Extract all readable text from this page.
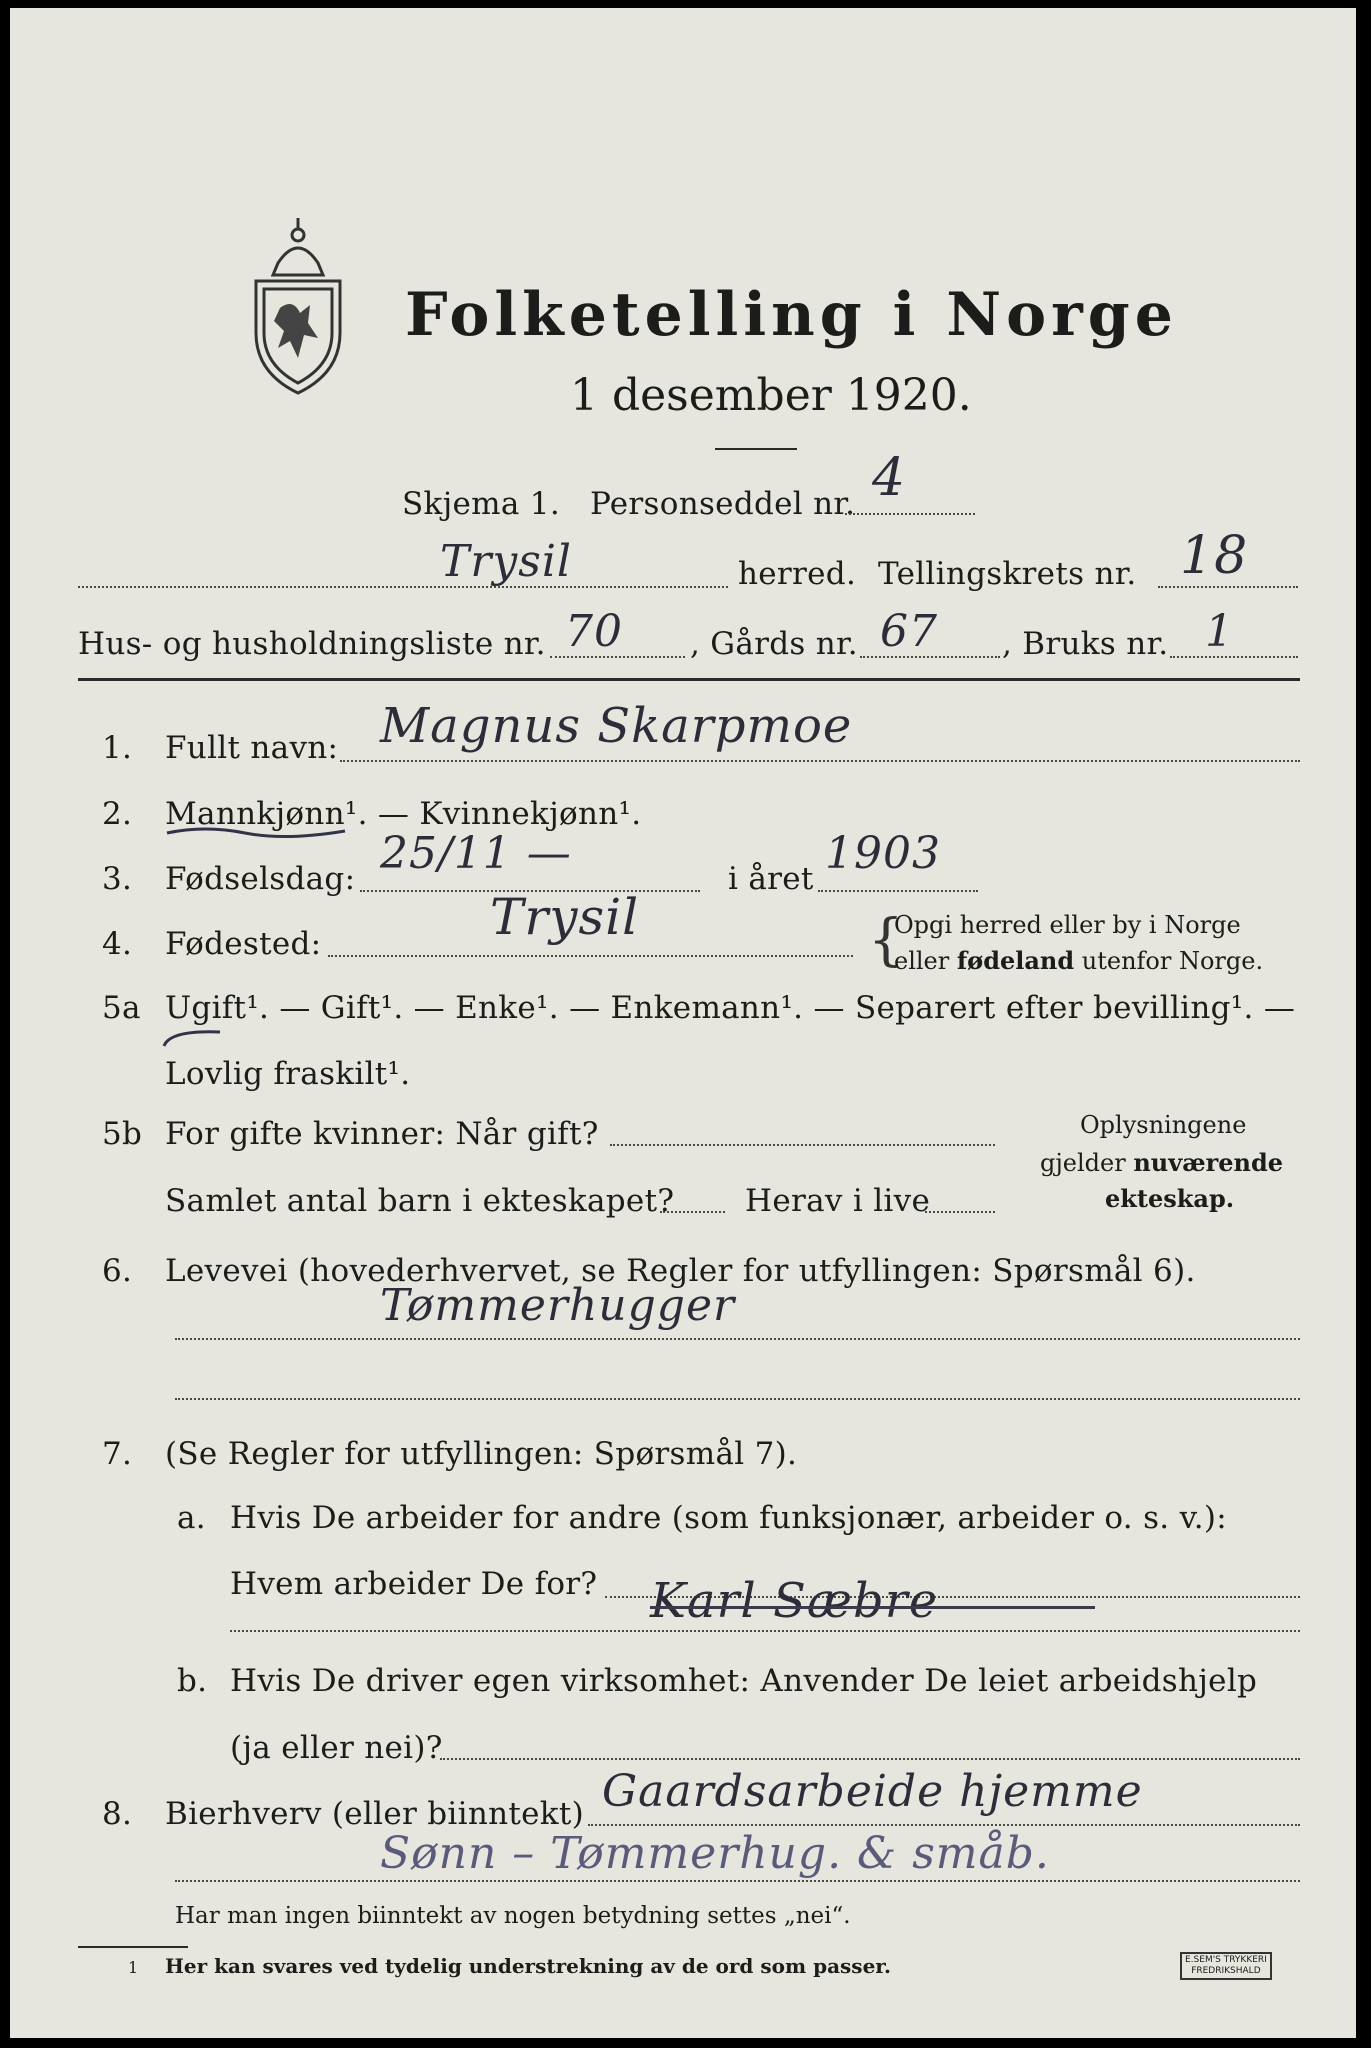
Folketelling i Norge
1 desember 1920.
Skjema 1. Personseddel nr. 4
Trysil	herred. Tellingskrets nr. 18
Hus- og husholdningsliste nr. 70 , Gårds nr. 67 , Bruks nr. 1
1. Fullt navn: Magnus Skarpmoe
2. Mannkjønn¹. — Kvinnekjønn¹.
3. Fødselsdag: 25/11 —	i året 1903
4. Fødested:	Trysil	{
Opgi herred eller by i Norge
eller fødeland utenfor Norge.
5a Ugift¹. — Gift¹. — Enke¹. — Enkemann¹. — Separert efter bevilling¹. —
Lovlig fraskilt¹.
5b For gifte kvinner: Når gift?
Samlet antal barn i ekteskapet? Herav i live
Oplysningene
gjelder nuværende
ekteskap.
6. Levevei (hovederhvervet, se Regler for utfyllingen: Spørsmål 6).
Tømmerhugger
7. (Se Regler for utfyllingen: Spørsmål 7).
a. Hvis De arbeider for andre (som funksjonær, arbeider o. s. v.):
Hvem arbeider De for? Karl Sæbre
b. Hvis De driver egen virksomhet: Anvender De leiet arbeidshjelp
(ja eller nei)?
8. Bierhverv (eller biinntekt) Gaardsarbeide hjemme
Sønn – Tømmerhug. & småb.
Har man ingen biinntekt av nogen betydning settes „nei“.
1 Her kan svares ved tydelig understrekning av de ord som passer.	E.SEM'S TRYKKERI
FREDRIKSHALD
